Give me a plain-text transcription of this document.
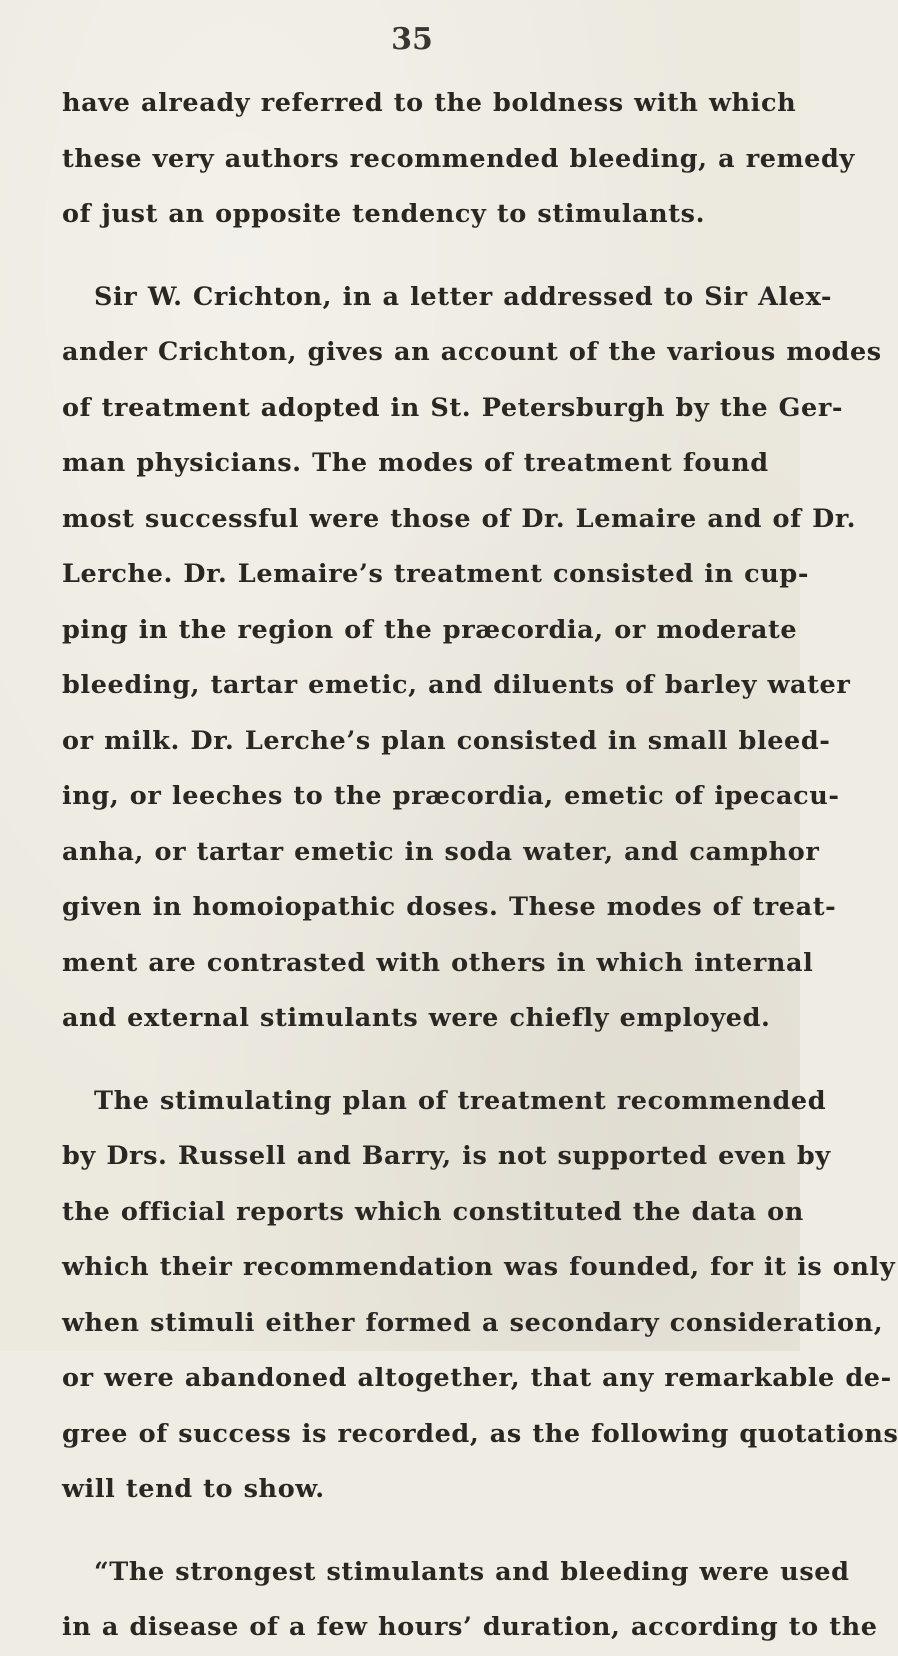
35

have already referred to the boldness with which
these very authors recommended bleeding, a remedy
of just an opposite tendency to stimulants.

Sir W. Crichton, in a letter addressed to Sir Alex-
ander Crichton, gives an account of the various modes
of treatment adopted in St. Petersburgh by the Ger-
man physicians. The modes of treatment found
most successful were those of Dr. Lemaire and of Dr.
Lerche. Dr. Lemaire’s treatment consisted in cup-
ping in the region of the præcordia, or moderate
bleeding, tartar emetic, and diluents of barley water
or milk. Dr. Lerche’s plan consisted in small bleed-
ing, or leeches to the præcordia, emetic of ipecacu-
anha, or tartar emetic in soda water, and camphor
given in homoiopathic doses. These modes of treat-
ment are contrasted with others in which internal
and external stimulants were chiefly employed.

The stimulating plan of treatment recommended
by Drs. Russell and Barry, is not supported even by
the official reports which constituted the data on
which their recommendation was founded, for it is only
when stimuli either formed a secondary consideration,
or were abandoned altogether, that any remarkable de-
gree of success is recorded, as the following quotations
will tend to show.

“The strongest stimulants and bleeding were used
in a disease of a few hours’ duration, according to the
